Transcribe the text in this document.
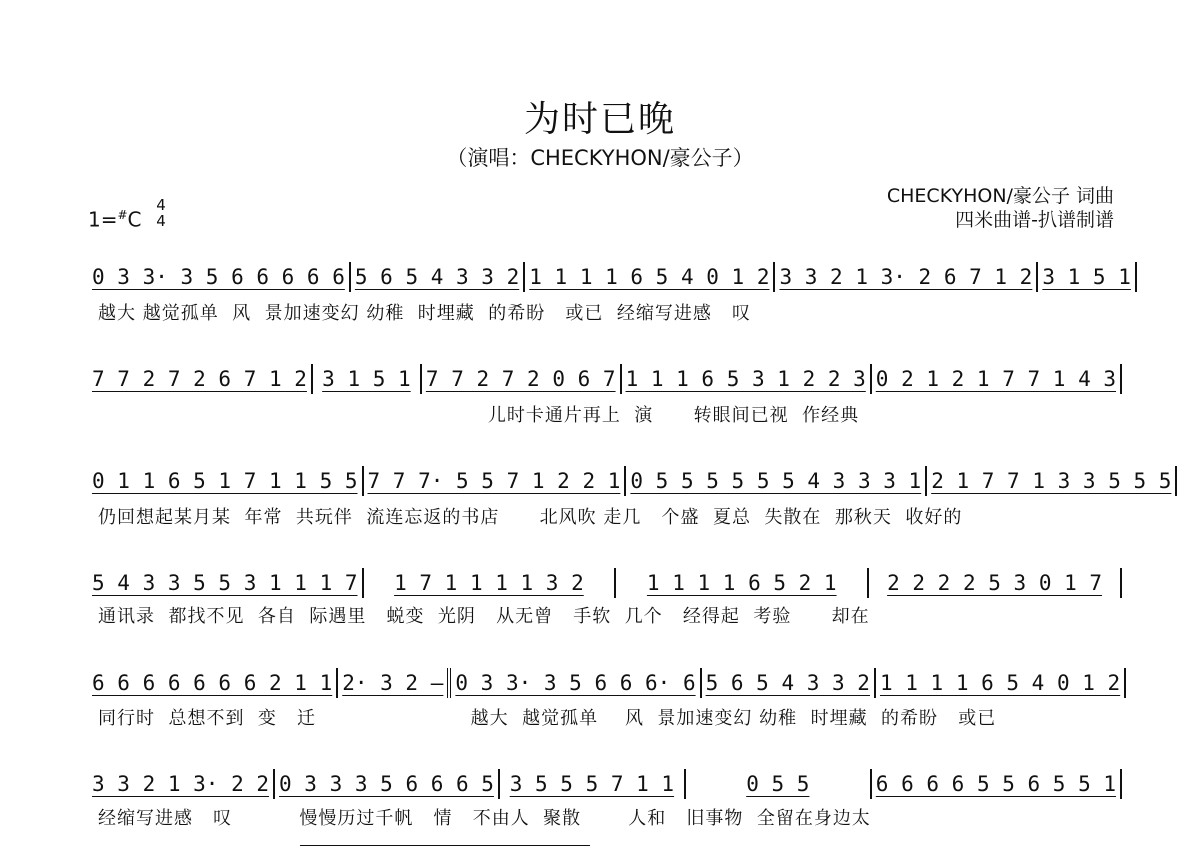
为时已晚
（演唱：CHECKYHON/豪公子）
CHECKYHON/豪公子 词曲
四米曲谱-扒谱制谱
1=#C
4
4
0 3 3· 3 5 6 6 6 6 6 5 6 5 4 3 3 2 1 1 1 1 6 5 4 0 1 2 3 3 2 1 3· 2 6 7 1 2 3 1 5 1
越大 越觉孤单  风  景加速变幻 幼稚  时埋藏  的希盼   或已  经缩写进感   叹
7 7 2 7 2 6 7 1 2 3 1 5 1 7 7 2 7 2 0 6 7 1 1 1 6 5 3 1 2 2 3 0 2 1 2 1 7 7 1 4 3
儿时卡通片再上  演      转眼间已视  作经典
0 1 1 6 5 1 7 1 1 5 5 7 7 7· 5 5 7 1 2 2 1 0 5 5 5 5 5 5 4 3 3 3 1 2 1 7 7 1 3 3 5 5 5
仍回想起某月某  年常  共玩伴  流连忘返的书店      北风吹 走几   个盛  夏总  失散在  那秋天  收好的
5 4 3 3 5 5 3 1 1 1 7	1 7 1 1 1 1 3 2	1 1 1 1 6 5 2 1	2 2 2 2 5 3 0 1 7
通讯录  都找不见  各自  际遇里   蜕变  光阴   从无曾   手软  几个   经得起  考验      却在
6 6 6 6 6 6 6 2 1 1 2· 3 2 – 0 3 3· 3 5 6 6 6· 6 5 6 5 4 3 3 2 1 1 1 1 6 5 4 0 1 2
同行时  总想不到  变   迁                       越大  越觉孤单    风  景加速变幻 幼稚  时埋藏  的希盼   或已
3 3 2 1 3· 2 2 0 3 3 3 5 6 6 6 5 3 5 5 5 7 1 1	0 5 5	6 6 6 6 5 5 6 5 5 1
经缩写进感   叹          慢慢历过千帆   情   不由人  聚散       人和   旧事物  全留在身边太
